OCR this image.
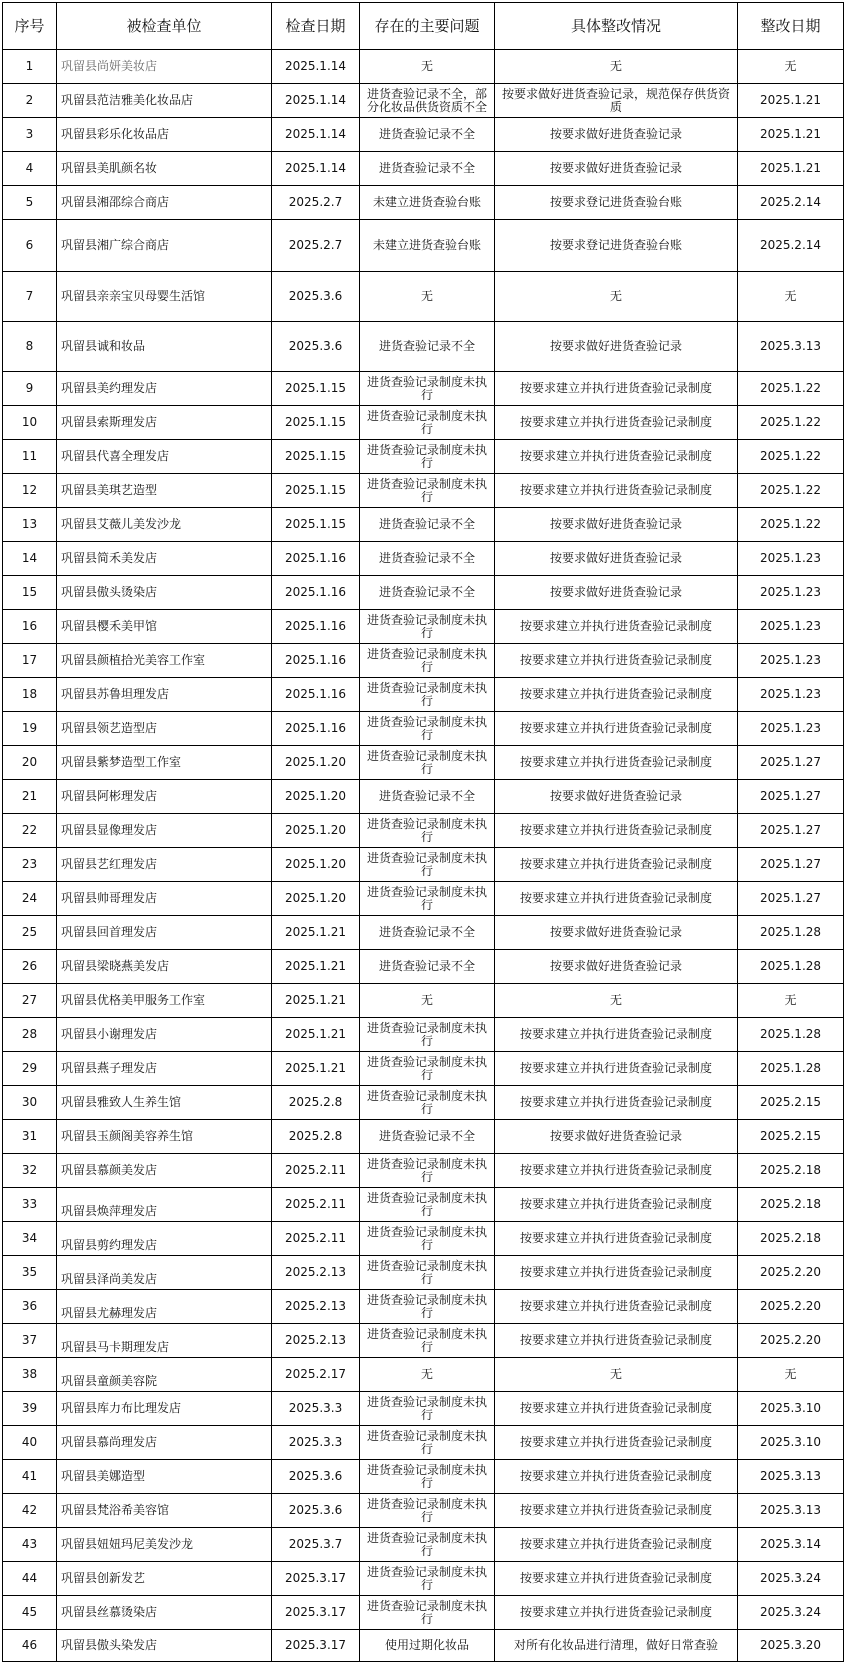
序号	被检查单位	检查日期	存在的主要问题	具体整改情况	整改日期
1	巩留县尚妍美妆店	2025.1.14	无	无	无
2	巩留县范洁雅美化妆品店	2025.1.14	进货查验记录不全，部分化妆品供货资质不全	按要求做好进货查验记录，规范保存供货资质	2025.1.21
3	巩留县彩乐化妆品店	2025.1.14	进货查验记录不全	按要求做好进货查验记录	2025.1.21
4	巩留县美肌颜名妆	2025.1.14	进货查验记录不全	按要求做好进货查验记录	2025.1.21
5	巩留县湘邵综合商店	2025.2.7	未建立进货查验台账	按要求登记进货查验台账	2025.2.14
6	巩留县湘广综合商店	2025.2.7	未建立进货查验台账	按要求登记进货查验台账	2025.2.14
7	巩留县亲亲宝贝母婴生活馆	2025.3.6	无	无	无
8	巩留县诚和妆品	2025.3.6	进货查验记录不全	按要求做好进货查验记录	2025.3.13
9	巩留县美约理发店	2025.1.15	进货查验记录制度未执行	按要求建立并执行进货查验记录制度	2025.1.22
10	巩留县索斯理发店	2025.1.15	进货查验记录制度未执行	按要求建立并执行进货查验记录制度	2025.1.22
11	巩留县代喜全理发店	2025.1.15	进货查验记录制度未执行	按要求建立并执行进货查验记录制度	2025.1.22
12	巩留县美琪艺造型	2025.1.15	进货查验记录制度未执行	按要求建立并执行进货查验记录制度	2025.1.22
13	巩留县艾薇儿美发沙龙	2025.1.15	进货查验记录不全	按要求做好进货查验记录	2025.1.22
14	巩留县简禾美发店	2025.1.16	进货查验记录不全	按要求做好进货查验记录	2025.1.23
15	巩留县傲头烫染店	2025.1.16	进货查验记录不全	按要求做好进货查验记录	2025.1.23
16	巩留县樱禾美甲馆	2025.1.16	进货查验记录制度未执行	按要求建立并执行进货查验记录制度	2025.1.23
17	巩留县颜植拾光美容工作室	2025.1.16	进货查验记录制度未执行	按要求建立并执行进货查验记录制度	2025.1.23
18	巩留县苏鲁坦理发店	2025.1.16	进货查验记录制度未执行	按要求建立并执行进货查验记录制度	2025.1.23
19	巩留县领艺造型店	2025.1.16	进货查验记录制度未执行	按要求建立并执行进货查验记录制度	2025.1.23
20	巩留县紫梦造型工作室	2025.1.20	进货查验记录制度未执行	按要求建立并执行进货查验记录制度	2025.1.27
21	巩留县阿彬理发店	2025.1.20	进货查验记录不全	按要求做好进货查验记录	2025.1.27
22	巩留县显像理发店	2025.1.20	进货查验记录制度未执行	按要求建立并执行进货查验记录制度	2025.1.27
23	巩留县艺红理发店	2025.1.20	进货查验记录制度未执行	按要求建立并执行进货查验记录制度	2025.1.27
24	巩留县帅哥理发店	2025.1.20	进货查验记录制度未执行	按要求建立并执行进货查验记录制度	2025.1.27
25	巩留县回首理发店	2025.1.21	进货查验记录不全	按要求做好进货查验记录	2025.1.28
26	巩留县梁晓燕美发店	2025.1.21	进货查验记录不全	按要求做好进货查验记录	2025.1.28
27	巩留县优格美甲服务工作室	2025.1.21	无	无	无
28	巩留县小谢理发店	2025.1.21	进货查验记录制度未执行	按要求建立并执行进货查验记录制度	2025.1.28
29	巩留县燕子理发店	2025.1.21	进货查验记录制度未执行	按要求建立并执行进货查验记录制度	2025.1.28
30	巩留县雅致人生养生馆	2025.2.8	进货查验记录制度未执行	按要求建立并执行进货查验记录制度	2025.2.15
31	巩留县玉颜阁美容养生馆	2025.2.8	进货查验记录不全	按要求做好进货查验记录	2025.2.15
32	巩留县慕颜美发店	2025.2.11	进货查验记录制度未执行	按要求建立并执行进货查验记录制度	2025.2.18
33	巩留县焕萍理发店	2025.2.11	进货查验记录制度未执行	按要求建立并执行进货查验记录制度	2025.2.18
34	巩留县剪约理发店	2025.2.11	进货查验记录制度未执行	按要求建立并执行进货查验记录制度	2025.2.18
35	巩留县泽尚美发店	2025.2.13	进货查验记录制度未执行	按要求建立并执行进货查验记录制度	2025.2.20
36	巩留县尤赫理发店	2025.2.13	进货查验记录制度未执行	按要求建立并执行进货查验记录制度	2025.2.20
37	巩留县马卡期理发店	2025.2.13	进货查验记录制度未执行	按要求建立并执行进货查验记录制度	2025.2.20
38	巩留县童颜美容院	2025.2.17	无	无	无
39	巩留县库力布比理发店	2025.3.3	进货查验记录制度未执行	按要求建立并执行进货查验记录制度	2025.3.10
40	巩留县慕尚理发店	2025.3.3	进货查验记录制度未执行	按要求建立并执行进货查验记录制度	2025.3.10
41	巩留县美娜造型	2025.3.6	进货查验记录制度未执行	按要求建立并执行进货查验记录制度	2025.3.13
42	巩留县梵浴希美容馆	2025.3.6	进货查验记录制度未执行	按要求建立并执行进货查验记录制度	2025.3.13
43	巩留县妞妞玛尼美发沙龙	2025.3.7	进货查验记录制度未执行	按要求建立并执行进货查验记录制度	2025.3.14
44	巩留县创新发艺	2025.3.17	进货查验记录制度未执行	按要求建立并执行进货查验记录制度	2025.3.24
45	巩留县丝慕烫染店	2025.3.17	进货查验记录制度未执行	按要求建立并执行进货查验记录制度	2025.3.24
46	巩留县傲头染发店	2025.3.17	使用过期化妆品	对所有化妆品进行清理，做好日常查验	2025.3.20
